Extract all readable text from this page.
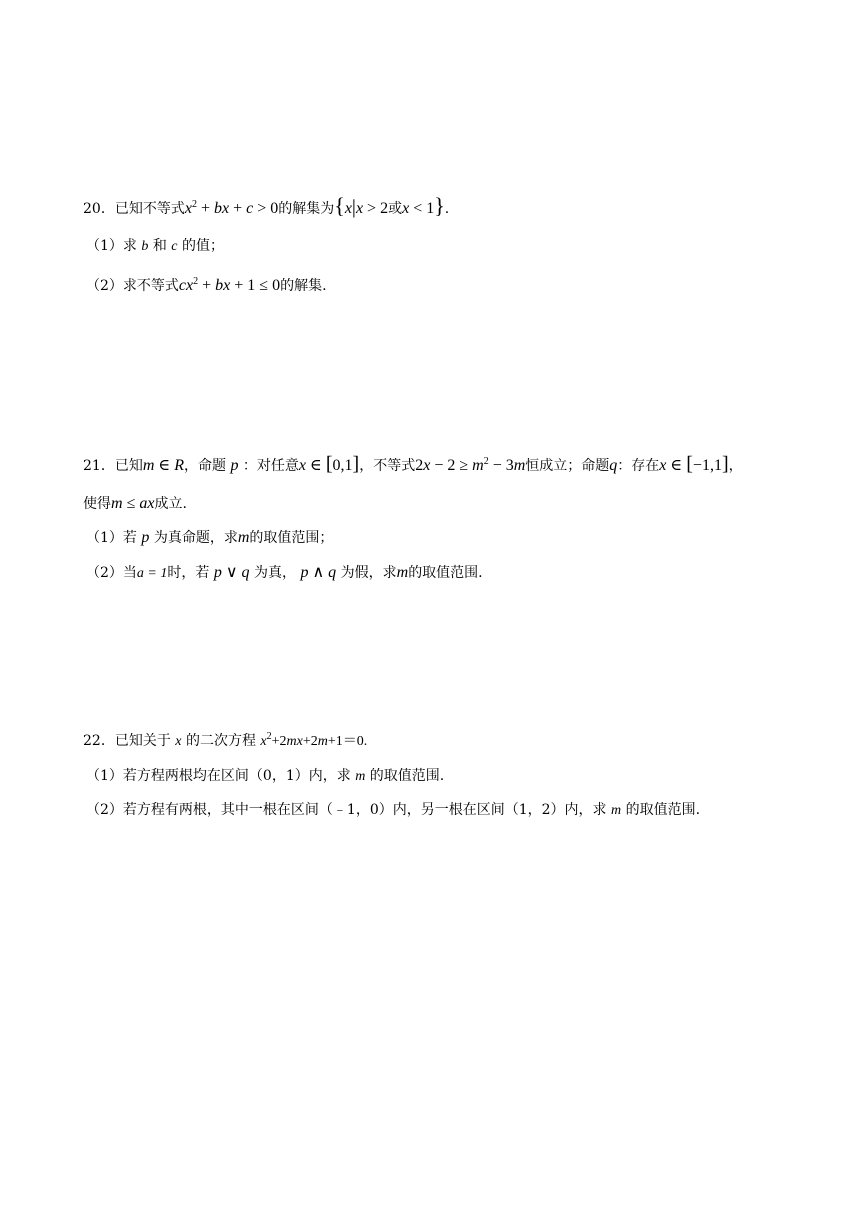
20．已知不等式$x^2$ + bx + c > 0的解集为{x|x > 2或x < 1}.
（1）求 b 和 c 的值；
（2）求不等式$cx^2$ + bx + 1 ≤ 0的解集.
21．已知m ∈ R，命题 p ：对任意x ∈ [0,1]，不等式$2x - 2 \ge m^2 - 3m$恒成立；命题q：存在x ∈ [−1,1]，
使得m ≤ ax成立.
（1）若 p 为真命题，求m的取值范围；
（2）当a = 1时，若 p ∨ q 为真， p ∧ q 为假，求m的取值范围.
22．已知关于 x 的二次方程 $x^2+2mx+2m+1=0$.
（1）若方程两根均在区间（0，1）内，求 m 的取值范围.
（2）若方程有两根，其中一根在区间（﹣1，0）内，另一根在区间（1，2）内，求 m 的取值范围.
